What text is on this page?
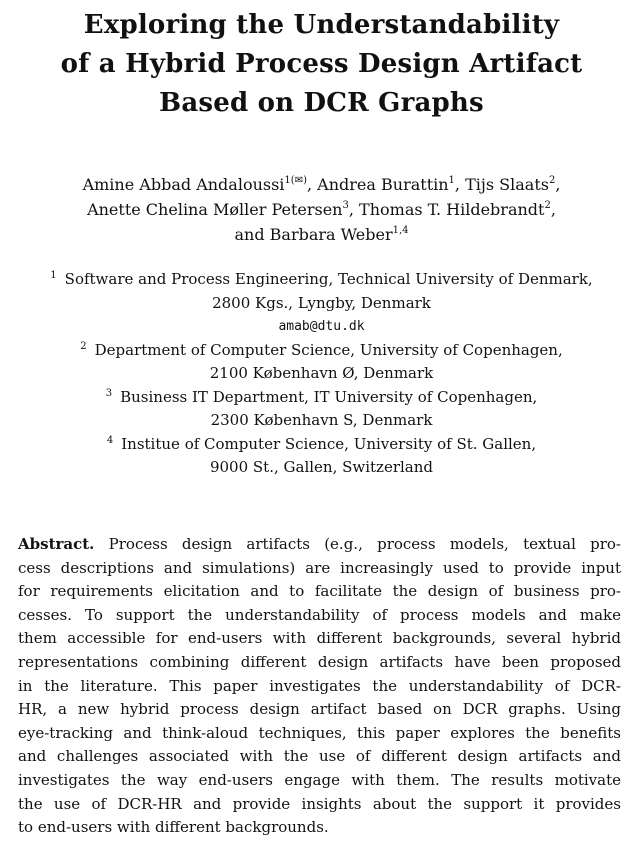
Exploring the Understandability
of a Hybrid Process Design Artifact
Based on DCR Graphs
Amine Abbad Andaloussi$^{1(✉)}$, Andrea Burattin$^1$, Tijs Slaats$^2$,
Anette Chelina Møller Petersen$^3$, Thomas T. Hildebrandt$^2$,
and Barbara Weber$^{1,4}$
$^1$ Software and Process Engineering, Technical University of Denmark,
2800 Kgs., Lyngby, Denmark
amab@dtu.dk
$^2$ Department of Computer Science, University of Copenhagen,
2100 København Ø, Denmark
$^3$ Business IT Department, IT University of Copenhagen,
2300 København S, Denmark
$^4$ Institue of Computer Science, University of St. Gallen,
9000 St., Gallen, Switzerland
Abstract. Process design artifacts (e.g., process models, textual pro-
cess descriptions and simulations) are increasingly used to provide input
for requirements elicitation and to facilitate the design of business pro-
cesses. To support the understandability of process models and make
them accessible for end-users with different backgrounds, several hybrid
representations combining different design artifacts have been proposed
in the literature. This paper investigates the understandability of DCR-
HR, a new hybrid process design artifact based on DCR graphs. Using
eye-tracking and think-aloud techniques, this paper explores the benefits
and challenges associated with the use of different design artifacts and
investigates the way end-users engage with them. The results motivate
the use of DCR-HR and provide insights about the support it provides
to end-users with different backgrounds.
